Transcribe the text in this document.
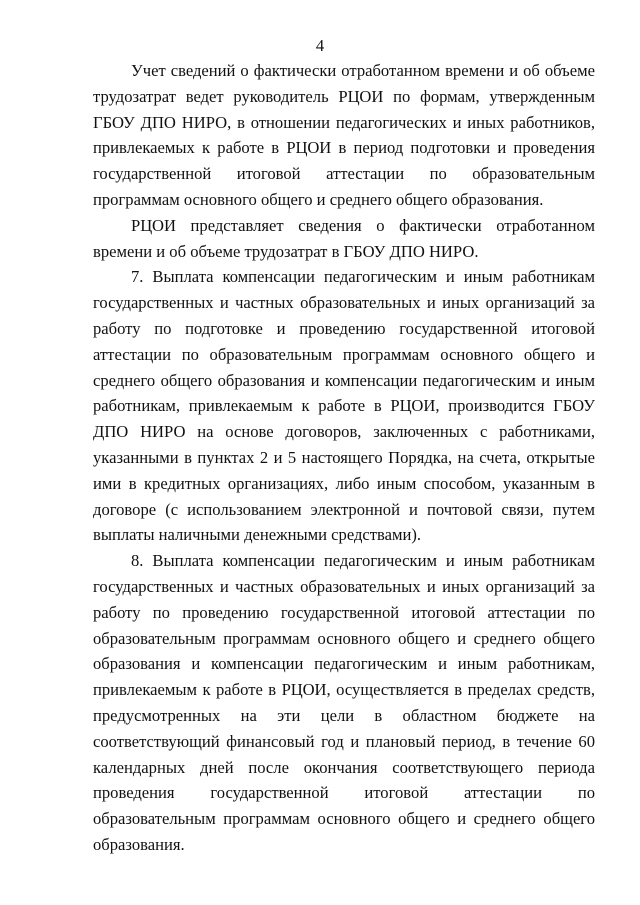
4

Учет сведений о фактически отработанном времени и об объеме трудозатрат ведет руководитель РЦОИ по формам, утвержденным ГБОУ ДПО НИРО, в отношении педагогических и иных работников, привлекаемых к работе в РЦОИ в период подготовки и проведения государственной итоговой аттестации по образовательным программам основного общего и среднего общего образования.

РЦОИ представляет сведения о фактически отработанном времени и об объеме трудозатрат в ГБОУ ДПО НИРО.

7. Выплата компенсации педагогическим и иным работникам государственных и частных образовательных и иных организаций за работу по подготовке и проведению государственной итоговой аттестации по образовательным программам основного общего и среднего общего образования и компенсации педагогическим и иным работникам, привлекаемым к работе в РЦОИ, производится ГБОУ ДПО НИРО на основе договоров, заключенных с работниками, указанными в пунктах 2 и 5 настоящего Порядка, на счета, открытые ими в кредитных организациях, либо иным способом, указанным в договоре (с использованием электронной и почтовой связи, путем выплаты наличными денежными средствами).

8. Выплата компенсации педагогическим и иным работникам государственных и частных образовательных и иных организаций за работу по проведению государственной итоговой аттестации по образовательным программам основного общего и среднего общего образования и компенсации педагогическим и иным работникам, привлекаемым к работе в РЦОИ, осуществляется в пределах средств, предусмотренных на эти цели в областном бюджете на соответствующий финансовый год и плановый период, в течение 60 календарных дней после окончания соответствующего периода проведения государственной итоговой аттестации по образовательным программам основного общего и среднего общего образования.
